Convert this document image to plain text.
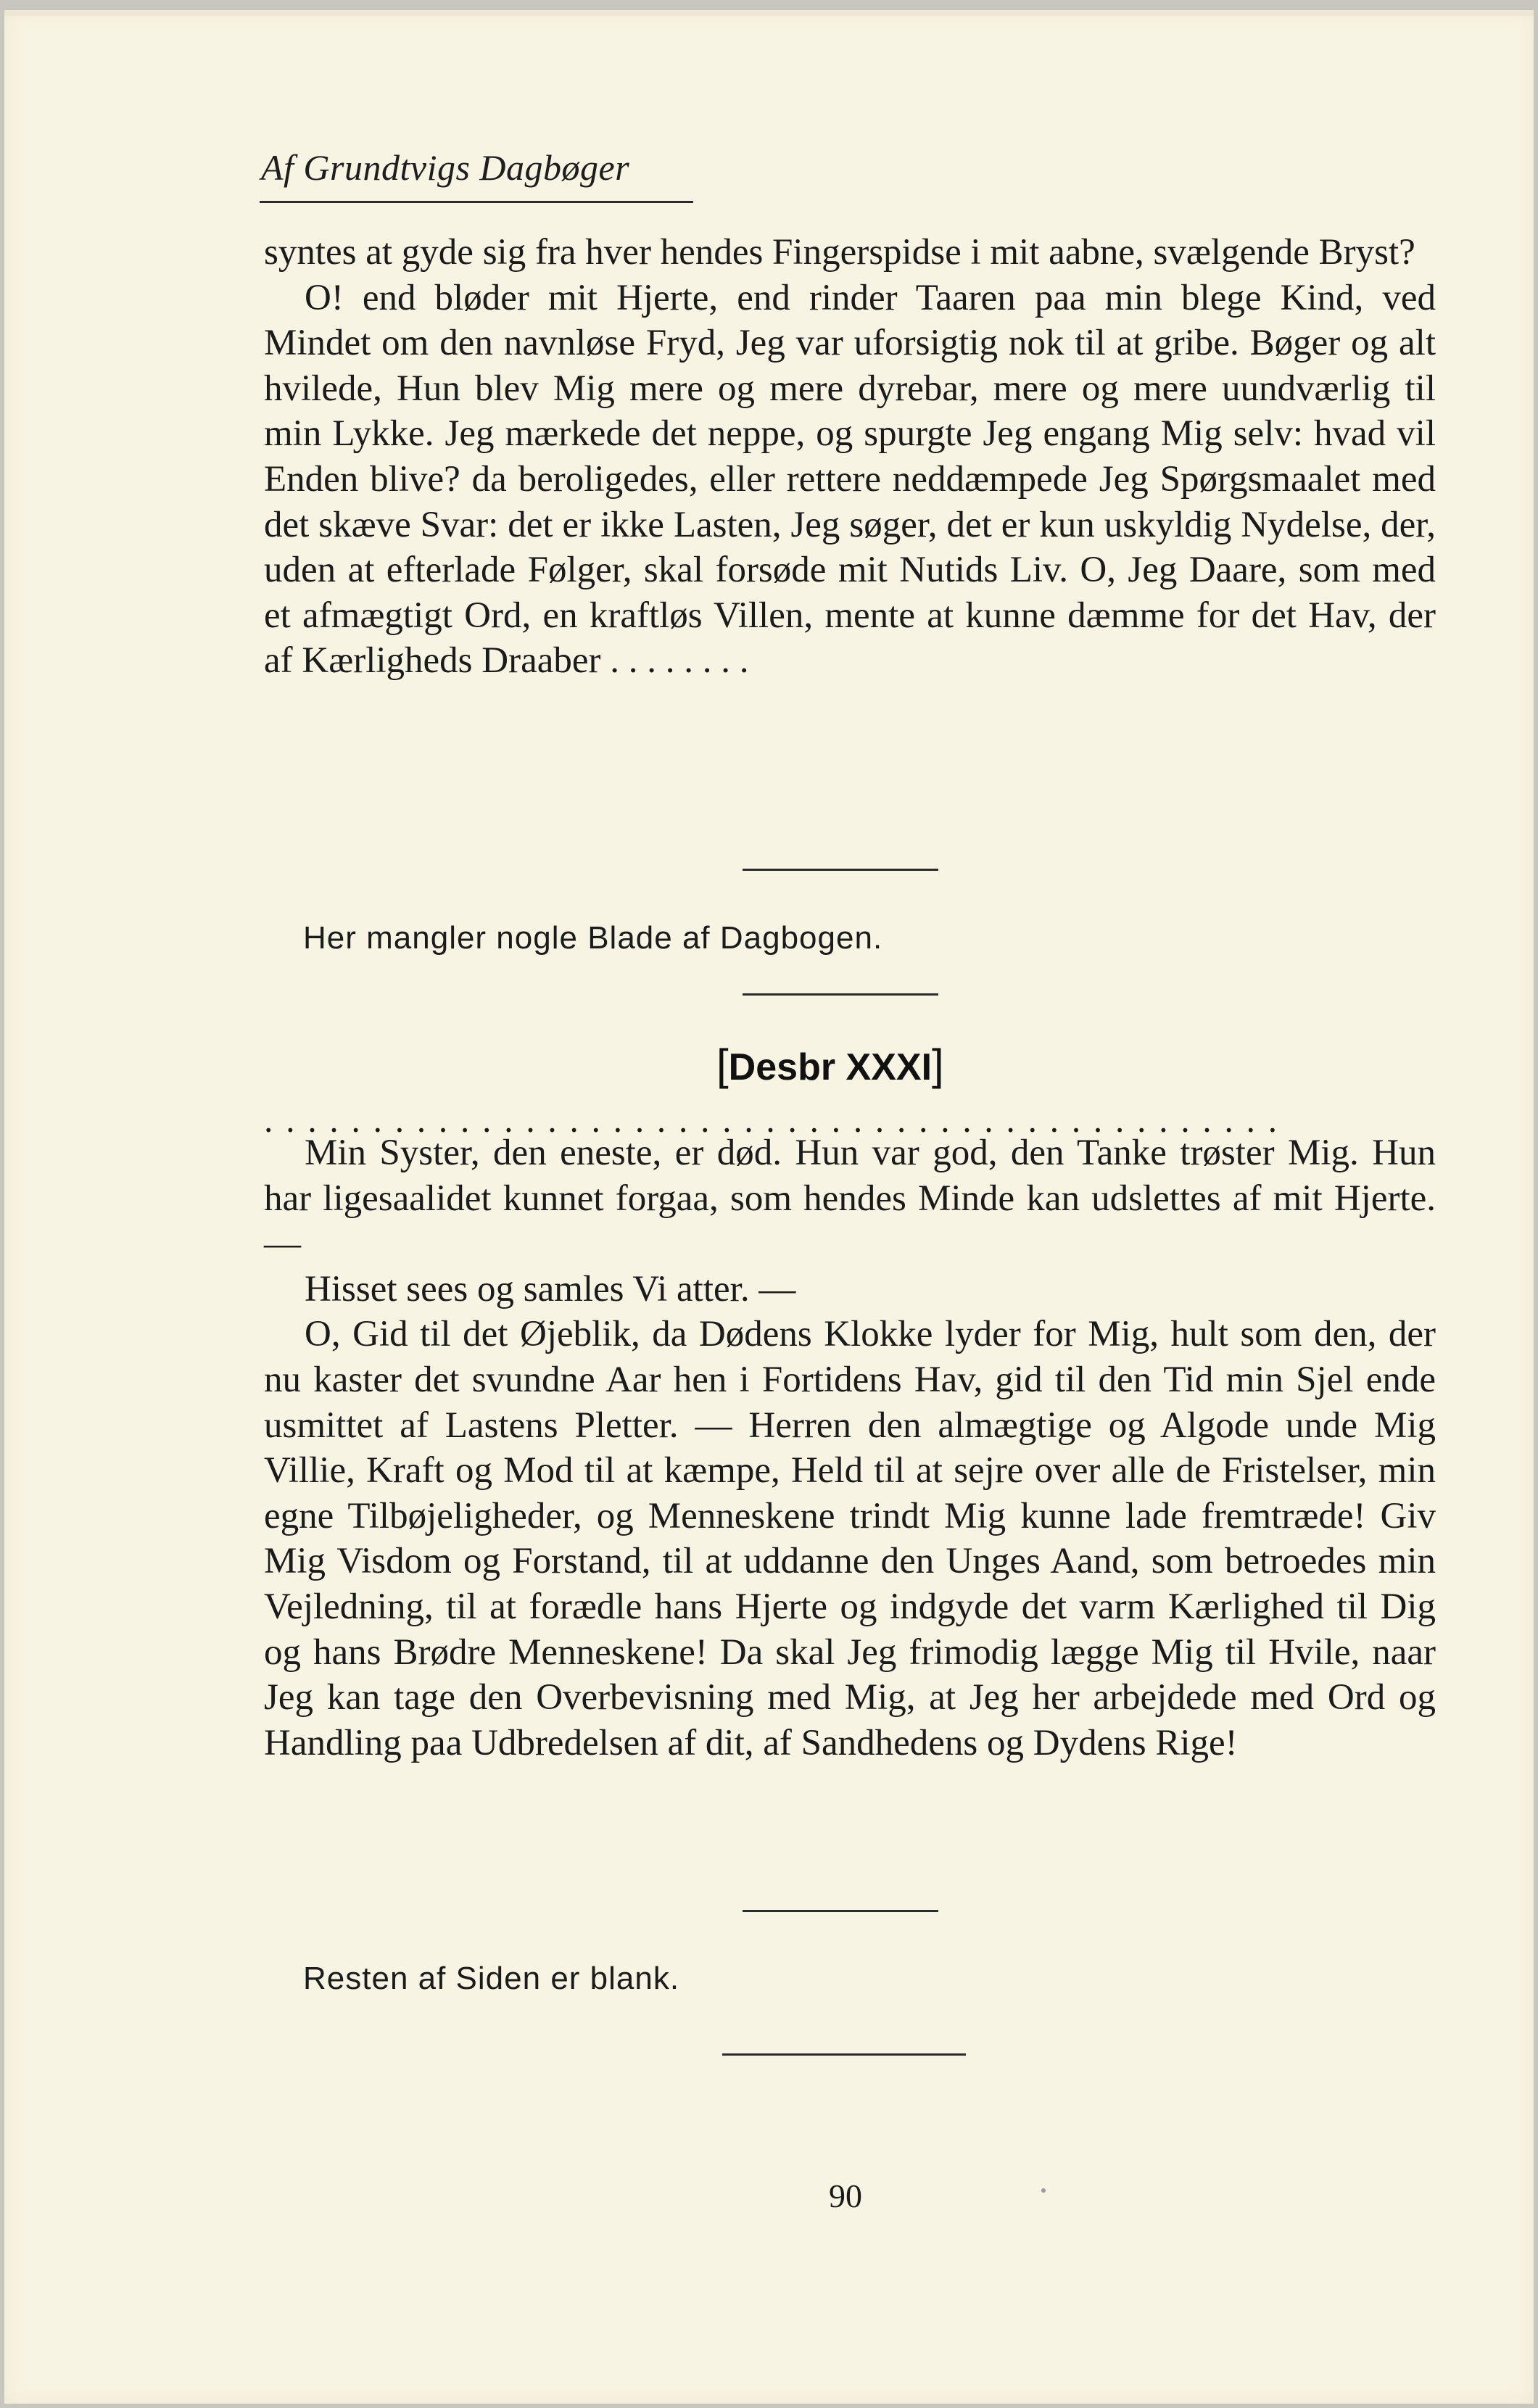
Af Grundtvigs Dagbøger

syntes at gyde sig fra hver hendes Fingerspidse i mit aabne, svælgende Bryst?

O! end bløder mit Hjerte, end rinder Taaren paa min blege Kind, ved Mindet om den navnløse Fryd, Jeg var uforsigtig nok til at gribe. Bøger og alt hvilede, Hun blev Mig mere og mere dyrebar, mere og mere uundværlig til min Lykke. Jeg mærkede det neppe, og spurgte Jeg engang Mig selv: hvad vil Enden blive? da beroligedes, eller rettere neddæmpede Jeg Spørgsmaalet med det skæve Svar: det er ikke Lasten, Jeg søger, det er kun uskyldig Nydelse, der, uden at efterlade Følger, skal forsøde mit Nutids Liv. O, Jeg Daare, som med et afmægtigt Ord, en kraftløs Villen, mente at kunne dæmme for det Hav, der af Kærligheds Draaber . . . . . . . .

Her mangler nogle Blade af Dagbogen.
[Desbr XXXI]
...............................................

Min Syster, den eneste, er død. Hun var god, den Tanke trøster Mig. Hun har ligesaalidet kunnet forgaa, som hendes Minde kan udslettes af mit Hjerte. —

Hisset sees og samles Vi atter. —

O, Gid til det Øjeblik, da Dødens Klokke lyder for Mig, hult som den, der nu kaster det svundne Aar hen i Fortidens Hav, gid til den Tid min Sjel ende usmittet af Lastens Pletter. — Herren den almægtige og Algode unde Mig Villie, Kraft og Mod til at kæmpe, Held til at sejre over alle de Fristelser, min egne Tilbøjeligheder, og Menneskene trindt Mig kunne lade fremtræde! Giv Mig Visdom og Forstand, til at uddanne den Unges Aand, som betroedes min Vejledning, til at forædle hans Hjerte og indgyde det varm Kærlighed til Dig og hans Brødre Menneskene! Da skal Jeg frimodig lægge Mig til Hvile, naar Jeg kan tage den Overbevisning med Mig, at Jeg her arbejdede med Ord og Handling paa Udbredelsen af dit, af Sandhedens og Dydens Rige!

Resten af Siden er blank.
90
